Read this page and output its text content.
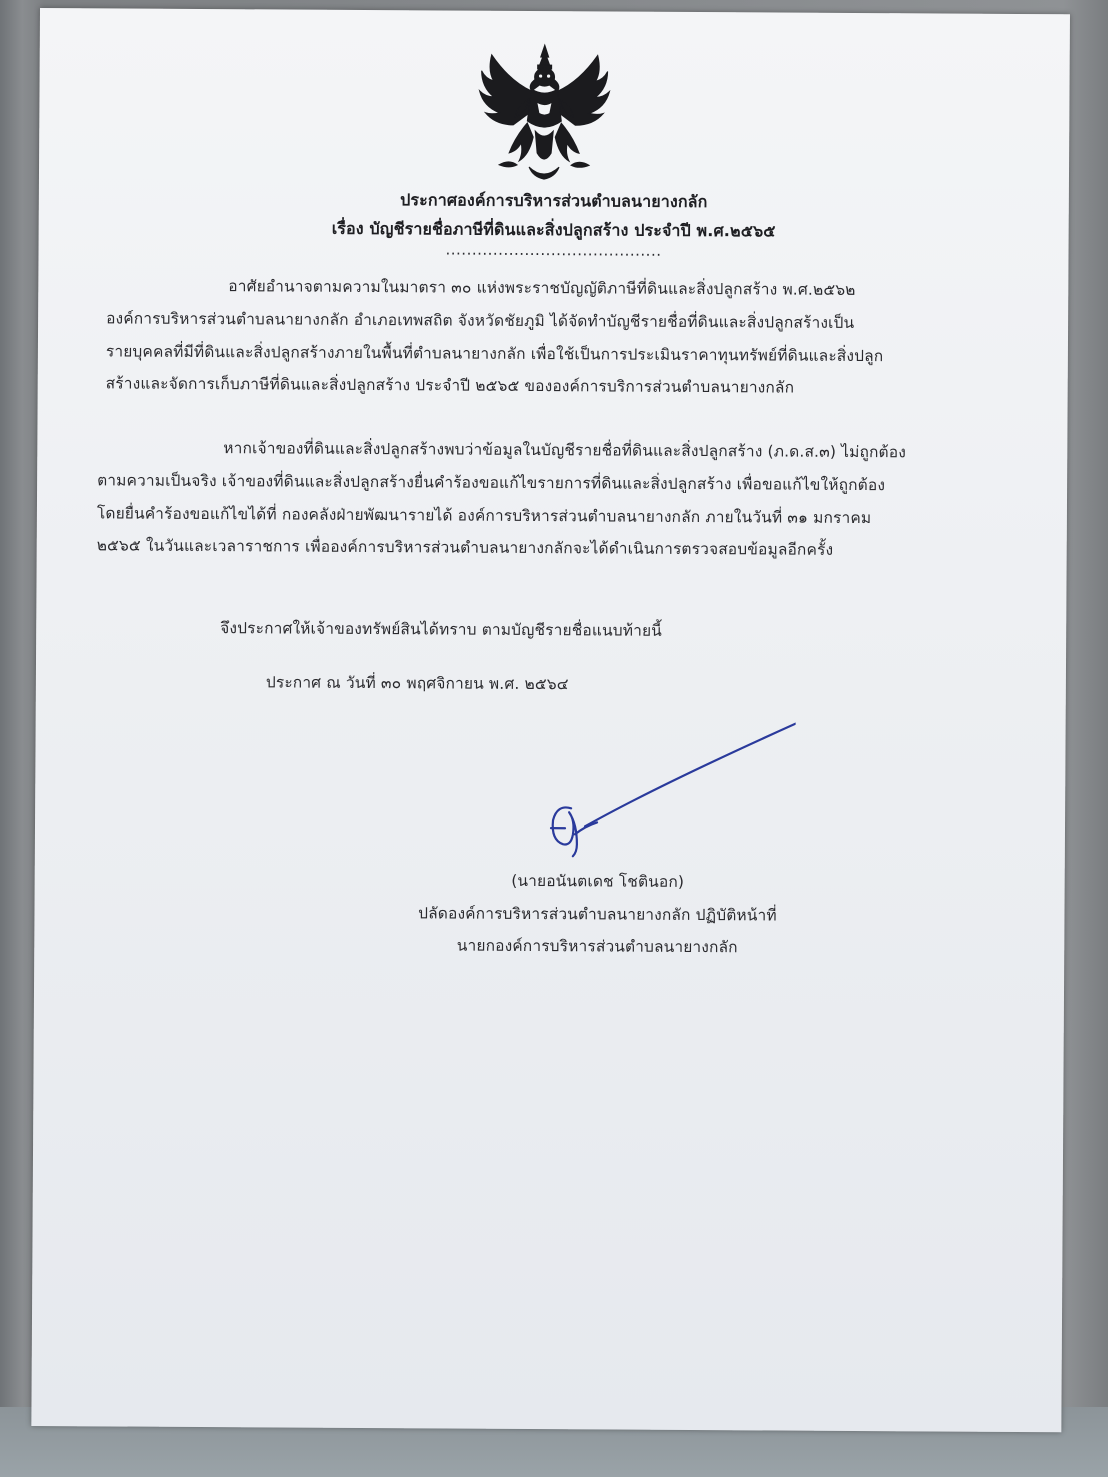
ประกาศองค์การบริหารส่วนตำบลนายางกลัก
เรื่อง บัญชีรายชื่อภาษีที่ดินและสิ่งปลูกสร้าง ประจำปี พ.ศ.๒๕๖๕
.........................................
อาศัยอำนาจตามความในมาตรา ๓๐ แห่งพระราชบัญญัติภาษีที่ดินและสิ่งปลูกสร้าง พ.ศ.๒๕๖๒
องค์การบริหารส่วนตำบลนายางกลัก อำเภอเทพสถิต จังหวัดชัยภูมิ ได้จัดทำบัญชีรายชื่อที่ดินและสิ่งปลูกสร้างเป็น
รายบุคคลที่มีที่ดินและสิ่งปลูกสร้างภายในพื้นที่ตำบลนายางกลัก เพื่อใช้เป็นการประเมินราคาทุนทรัพย์ที่ดินและสิ่งปลูก
สร้างและจัดการเก็บภาษีที่ดินและสิ่งปลูกสร้าง ประจำปี ๒๕๖๕ ขององค์การบริการส่วนตำบลนายางกลัก
หากเจ้าของที่ดินและสิ่งปลูกสร้างพบว่าข้อมูลในบัญชีรายชื่อที่ดินและสิ่งปลูกสร้าง (ภ.ด.ส.๓) ไม่ถูกต้อง
ตามความเป็นจริง เจ้าของที่ดินและสิ่งปลูกสร้างยื่นคำร้องขอแก้ไขรายการที่ดินและสิ่งปลูกสร้าง เพื่อขอแก้ไขให้ถูกต้อง
โดยยื่นคำร้องขอแก้ไขได้ที่ กองคลังฝ่ายพัฒนารายได้ องค์การบริหารส่วนตำบลนายางกลัก ภายในวันที่ ๓๑ มกราคม
๒๕๖๕ ในวันและเวลาราชการ เพื่อองค์การบริหารส่วนตำบลนายางกลักจะได้ดำเนินการตรวจสอบข้อมูลอีกครั้ง
จึงประกาศให้เจ้าของทรัพย์สินได้ทราบ ตามบัญชีรายชื่อแนบท้ายนี้
ประกาศ ณ วันที่ ๓๐ พฤศจิกายน พ.ศ. ๒๕๖๔
(นายอนันตเดช โชตินอก)
ปลัดองค์การบริหารส่วนตำบลนายางกลัก ปฏิบัติหน้าที่
นายกองค์การบริหารส่วนตำบลนายางกลัก
